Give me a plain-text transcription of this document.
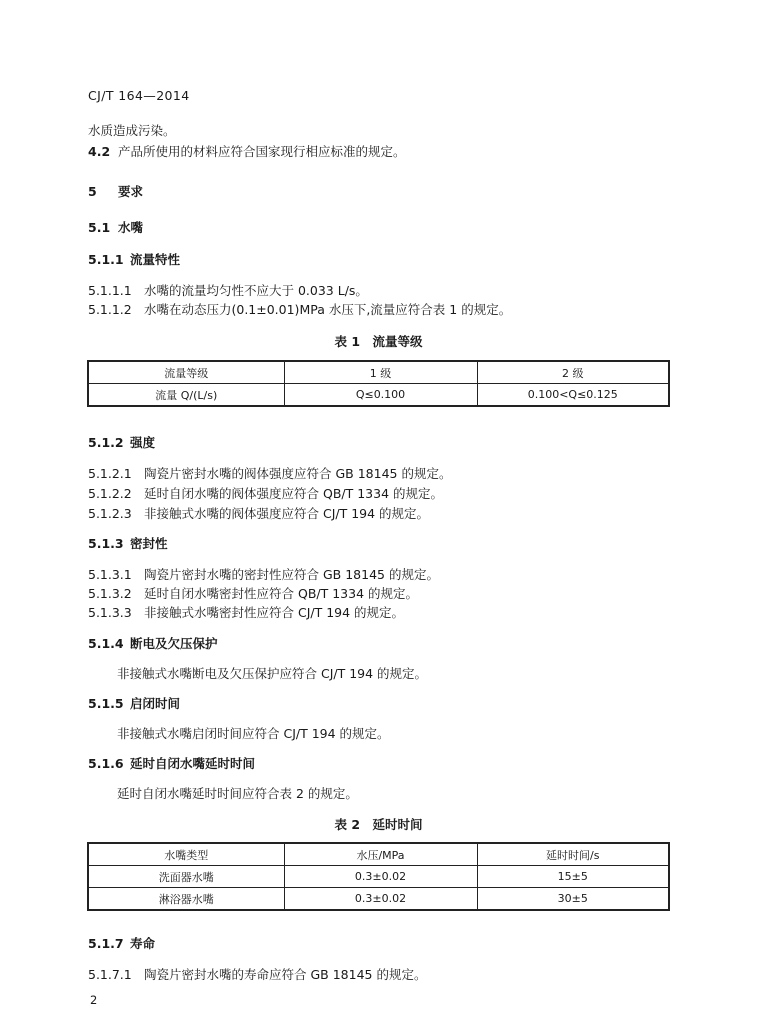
CJ/T 164—2014
水质造成污染。
4.2 产品所使用的材料应符合国家现行相应标准的规定。
5 要求
5.1 水嘴
5.1.1 流量特性
5.1.1.1 水嘴的流量均匀性不应大于 0.033 L/s。
5.1.1.2 水嘴在动态压力(0.1±0.01)MPa 水压下,流量应符合表 1 的规定。
表 1　流量等级
流量等级	1 级	2 级
流量 Q/(L/s)	Q≤0.100	0.100<Q≤0.125
5.1.2 强度
5.1.2.1 陶瓷片密封水嘴的阀体强度应符合 GB 18145 的规定。
5.1.2.2 延时自闭水嘴的阀体强度应符合 QB/T 1334 的规定。
5.1.2.3 非接触式水嘴的阀体强度应符合 CJ/T 194 的规定。
5.1.3 密封性
5.1.3.1 陶瓷片密封水嘴的密封性应符合 GB 18145 的规定。
5.1.3.2 延时自闭水嘴密封性应符合 QB/T 1334 的规定。
5.1.3.3 非接触式水嘴密封性应符合 CJ/T 194 的规定。
5.1.4 断电及欠压保护
非接触式水嘴断电及欠压保护应符合 CJ/T 194 的规定。
5.1.5 启闭时间
非接触式水嘴启闭时间应符合 CJ/T 194 的规定。
5.1.6 延时自闭水嘴延时时间
延时自闭水嘴延时时间应符合表 2 的规定。
表 2　延时时间
水嘴类型	水压/MPa	延时时间/s
洗面器水嘴	0.3±0.02	15±5
淋浴器水嘴	0.3±0.02	30±5
5.1.7 寿命
5.1.7.1 陶瓷片密封水嘴的寿命应符合 GB 18145 的规定。
2
